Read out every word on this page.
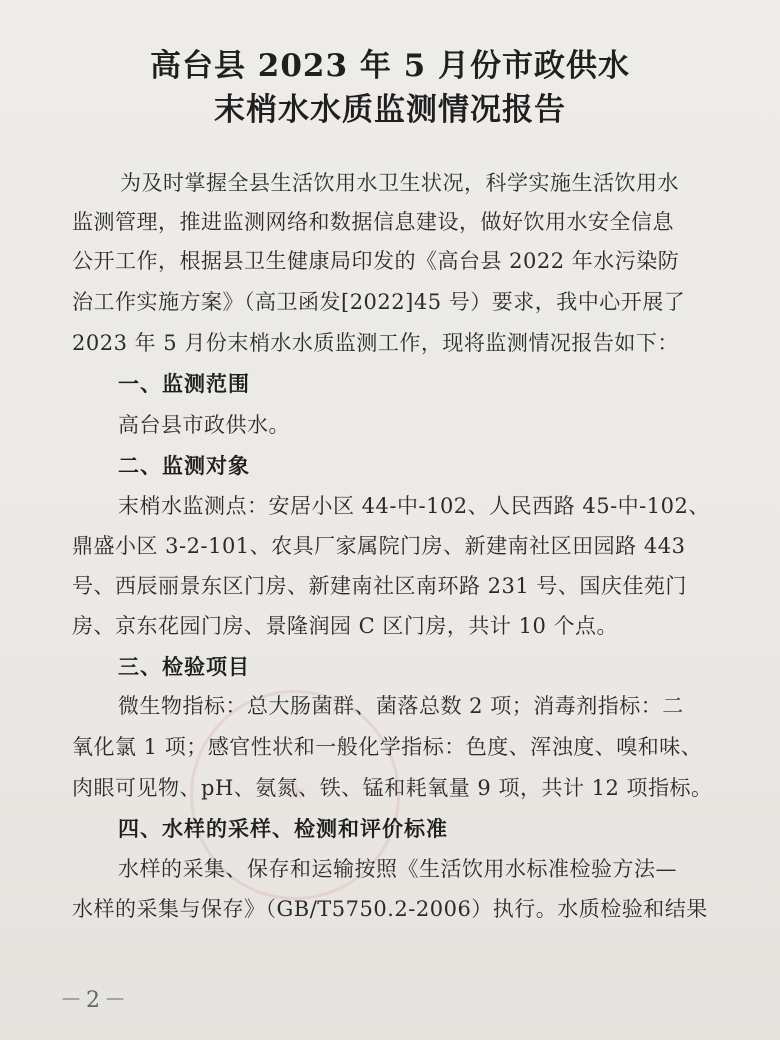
高台县 2023 年 5 月份市政供水
末梢水水质监测情况报告
为及时掌握全县生活饮用水卫生状况，科学实施生活饮用水
监测管理，推进监测网络和数据信息建设，做好饮用水安全信息
公开工作，根据县卫生健康局印发的《高台县 2022 年水污染防
治工作实施方案》（高卫函发[2022]45 号）要求，我中心开展了
2023 年 5 月份末梢水水质监测工作，现将监测情况报告如下：
一、监测范围
高台县市政供水。
二、监测对象
末梢水监测点：安居小区 44-中-102、人民西路 45-中-102、
鼎盛小区 3-2-101、农具厂家属院门房、新建南社区田园路 443
号、西辰丽景东区门房、新建南社区南环路 231 号、国庆佳苑门
房、京东花园门房、景隆润园 C 区门房，共计 10 个点。
三、检验项目
微生物指标：总大肠菌群、菌落总数 2 项；消毒剂指标：二
氧化氯 1 项；感官性状和一般化学指标：色度、浑浊度、嗅和味、
肉眼可见物、pH、氨氮、铁、锰和耗氧量 9 项，共计 12 项指标。
四、水样的采样、检测和评价标准
水样的采集、保存和运输按照《生活饮用水标准检验方法—
水样的采集与保存》（GB/T5750.2-2006）执行。水质检验和结果
－2－
